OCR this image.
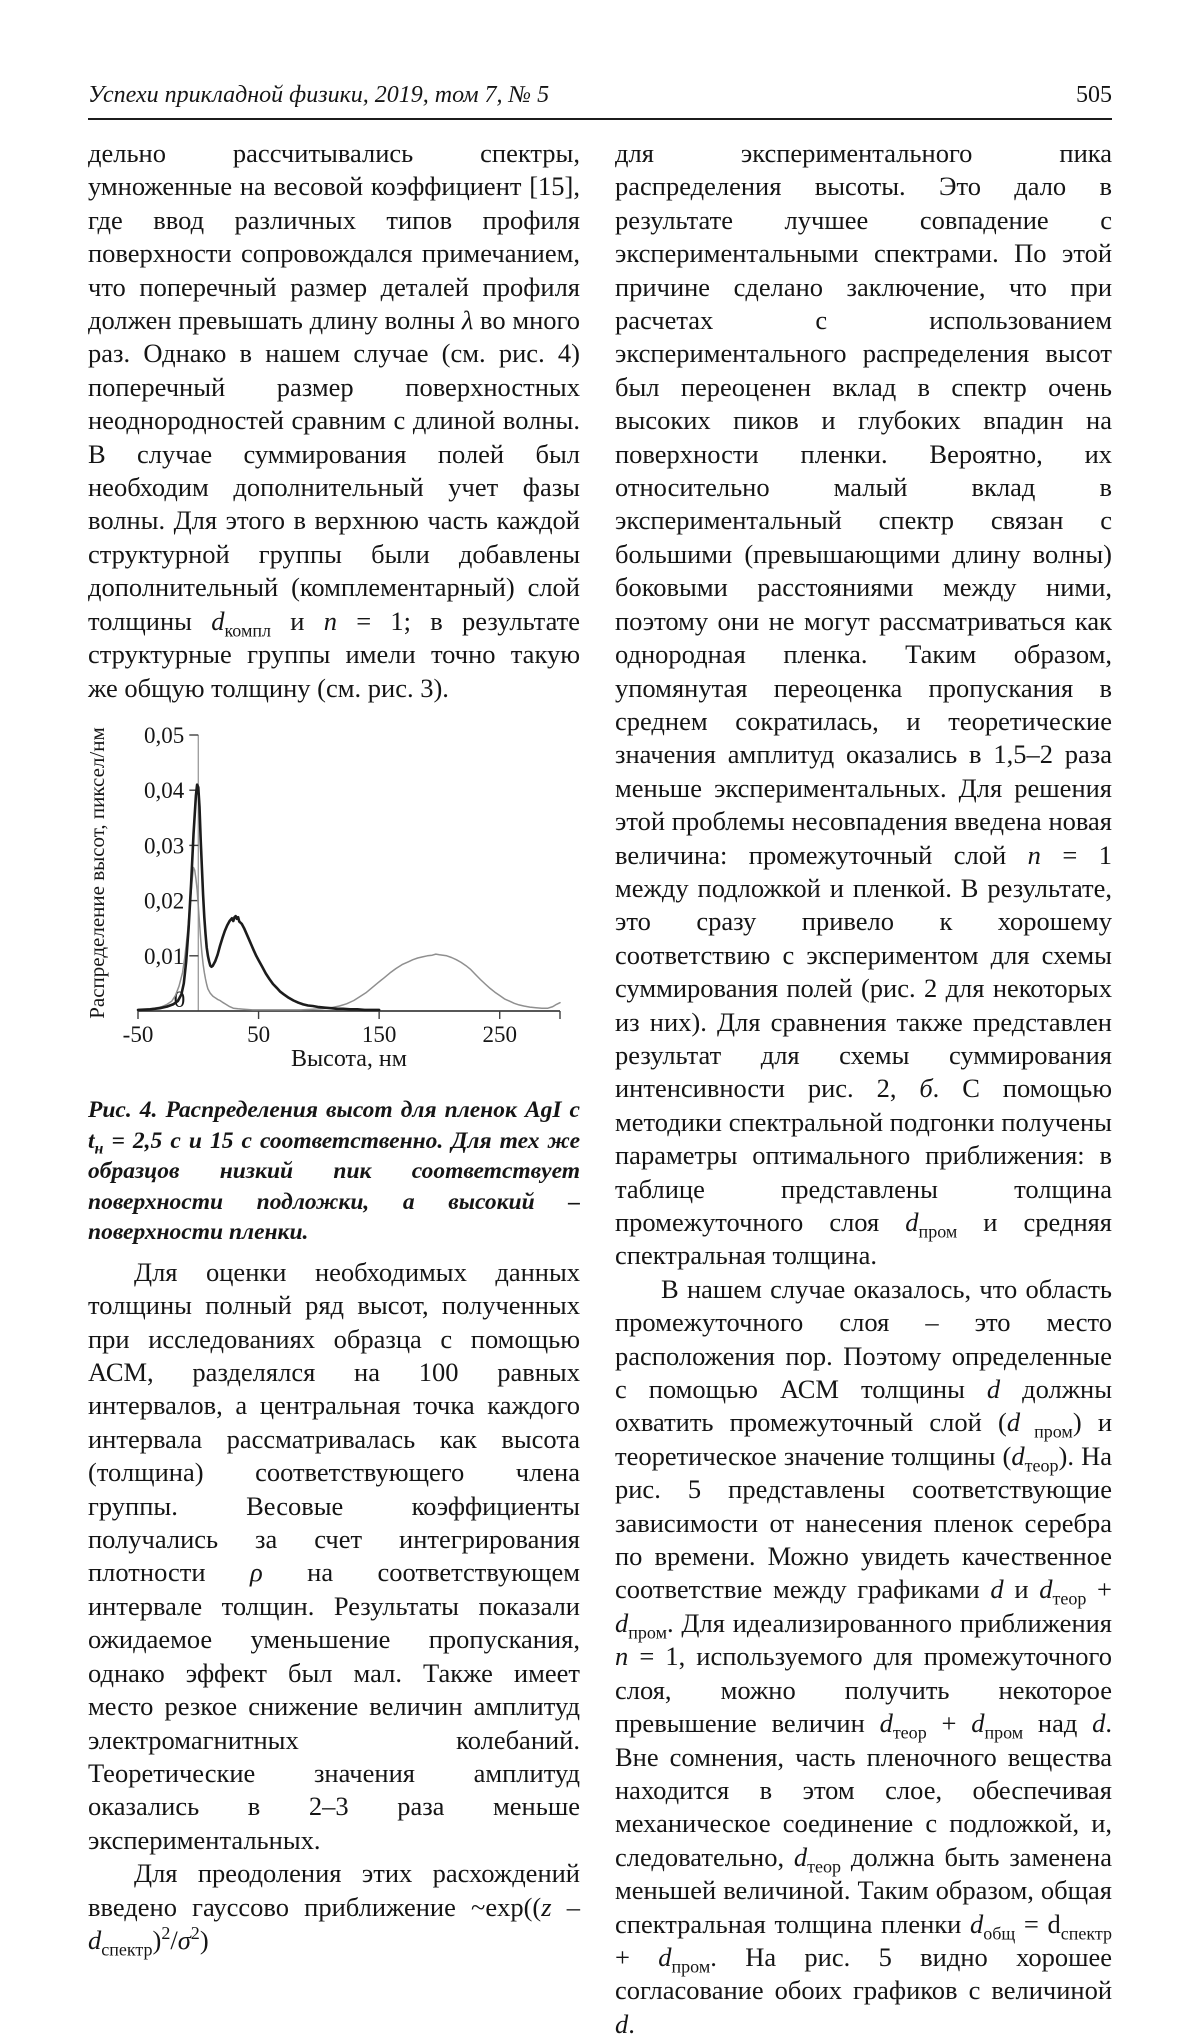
Успехи прикладной физики, 2019, том 7, № 5	505

дельно рассчитывались спектры, умноженные на весовой коэффициент [15], где ввод различных типов профиля поверхности сопровождался примечанием, что поперечный размер деталей профиля должен превышать длину волны λ во много раз. Однако в нашем случае (см. рис. 4) поперечный размер поверхностных неоднородностей сравним с длиной волны. В случае суммирования полей был необходим дополнительный учет фазы волны. Для этого в верхнюю часть каждой структурной группы были добавлены дополнительный (комплементарный) слой толщины $d_{компл}$ и n = 1; в результате структурные группы имели точно такую же общую толщину (см. рис. 3).

0
0,01
0,02
0,03
0,04
0,05
-50	50	150	250
Высота, нм
Распределение высот, пиксел/нм
Рис. 4. Распределения высот для пленок AgI с $t_н = 2,5$ с и 15 с соответственно. Для тех же образцов низкий пик соответствует поверхности подложки, а высокий – поверхности пленки.

Для оценки необходимых данных толщины полный ряд высот, полученных при исследованиях образца с помощью АСМ, разделялся на 100 равных интервалов, а центральная точка каждого интервала рассматривалась как высота (толщина) соответствующего члена группы. Весовые коэффициенты получались за счет интегрирования плотности ρ на соответствующем интервале толщин. Результаты показали ожидаемое уменьшение пропускания, однако эффект был мал. Также имеет место резкое снижение величин амплитуд электромагнитных колебаний. Теоретические значения амплитуд оказались в 2–3 раза меньше экспериментальных.

Для преодоления этих расхождений введено гауссово приближение ~exp((z – $d_{спектр})^2/\sigma^2$)

для экспериментального пика распределения высоты. Это дало в результате лучшее совпадение с экспериментальными спектрами. По этой причине сделано заключение, что при расчетах с использованием экспериментального распределения высот был переоценен вклад в спектр очень высоких пиков и глубоких впадин на поверхности пленки. Вероятно, их относительно малый вклад в экспериментальный спектр связан с большими (превышающими длину волны) боковыми расстояниями между ними, поэтому они не могут рассматриваться как однородная пленка. Таким образом, упомянутая переоценка пропускания в среднем сократилась, и теоретические значения амплитуд оказались в 1,5–2 раза меньше экспериментальных. Для решения этой проблемы несовпадения введена новая величина: промежуточный слой n = 1 между подложкой и пленкой. В результате, это сразу привело к хорошему соответствию с экспериментом для схемы суммирования полей (рис. 2 для некоторых из них). Для сравнения также представлен результат для схемы суммирования интенсивности рис. 2, б. С помощью методики спектральной подгонки получены параметры оптимального приближения: в таблице представлены толщина промежуточного слоя $d_{пром}$ и средняя спектральная толщина.

В нашем случае оказалось, что область промежуточного слоя – это место расположения пор. Поэтому определенные с помощью АСМ толщины d должны охватить промежуточный слой (d $_{пром}$) и теоретическое значение толщины $(d_{теор})$. На рис. 5 представлены соответствующие зависимости от нанесения пленок серебра по времени. Можно увидеть качественное соответствие между графиками d и $d_{теор} + d_{пром}$. Для идеализированного приближения n = 1, используемого для промежуточного слоя, можно получить некоторое превышение величин $d_{теор} + d_{пром}$ над d. Вне сомнения, часть пленочного вещества находится в этом слое, обеспечивая механическое соединение с подложкой, и, следовательно, $d_{теор}$ должна быть заменена меньшей величиной. Таким образом, общая спектральная толщина пленки $d_{общ} = d_{спектр} + d_{пром}$. На рис. 5 видно хорошее согласование обоих графиков с величиной d.
